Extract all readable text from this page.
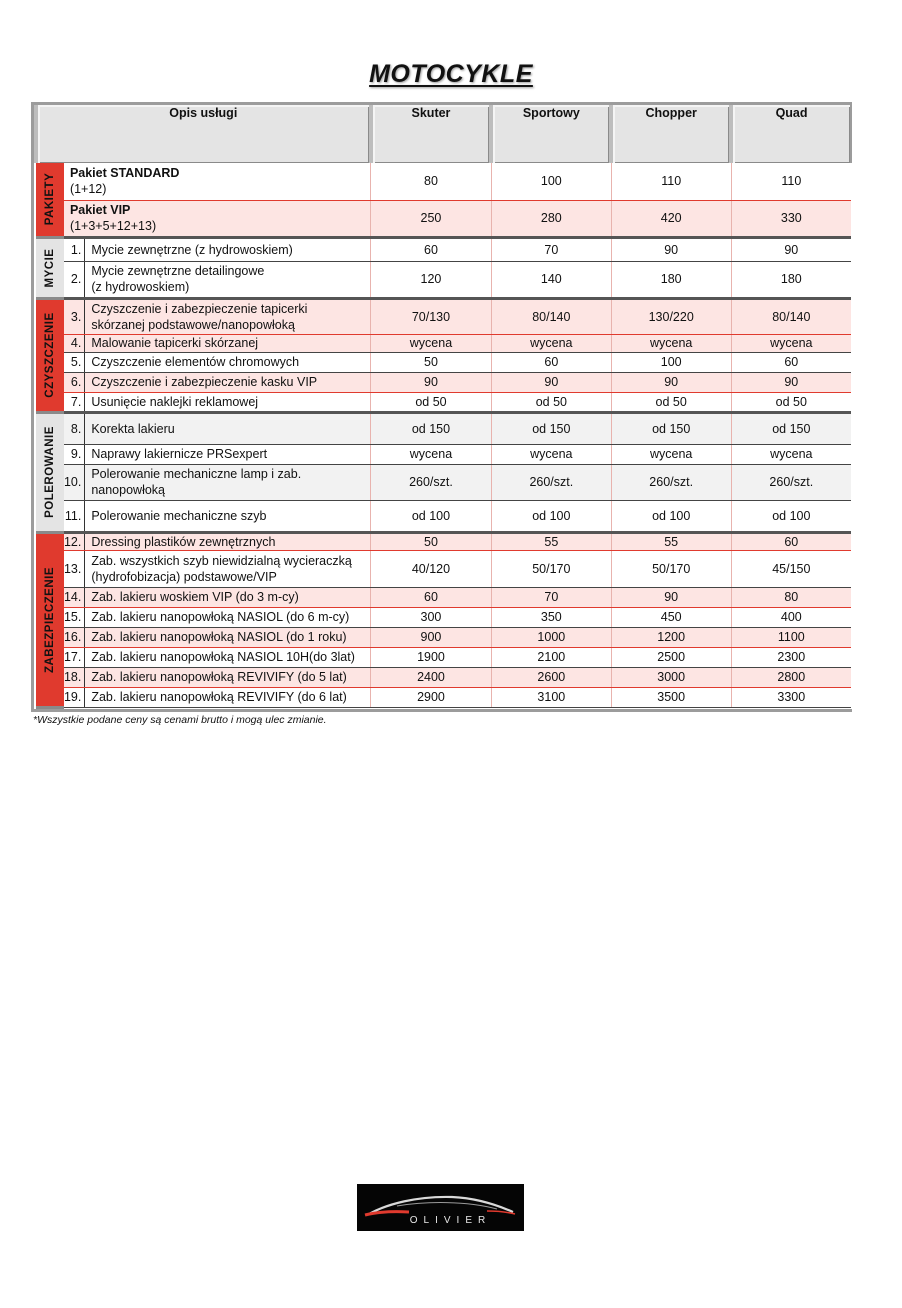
MOTOCYKLE
Opis usługi			Skuter	Sportowy	Chopper	Quad

PAKIETY	Pakiet STANDARD
(1+12)		80	100	110	110

	Pakiet VIP
(1+3+5+12+13)		250	280	420	330

MYCIE	1.	Mycie zewnętrzne (z hydrowoskiem)	60	70	90	90
	2.	Mycie zewnętrzne detailingowe
(z hydrowoskiem)	120	140	180	180

CZYSZCZENIE	3.	Czyszczenie i zabezpieczenie tapicerki
skórzanej podstawowe/nanopowłoką	70/130	80/140	130/220	80/140
	4.	Malowanie tapicerki skórzanej	wycena	wycena	wycena	wycena
	5.	Czyszczenie elementów chromowych	50	60	100	60
	6.	Czyszczenie i zabezpieczenie kasku VIP	90	90	90	90
	7.	Usunięcie naklejki reklamowej	od 50	od 50	od 50	od 50

POLEROWANIE	8.	Korekta lakieru	od 150	od 150	od 150	od 150
	9.	Naprawy lakiernicze PRSexpert	wycena	wycena	wycena	wycena
	10.	Polerowanie mechaniczne lamp i zab.
nanopowłoką	260/szt.	260/szt.	260/szt.	260/szt.
	11.	Polerowanie mechaniczne szyb	od 100	od 100	od 100	od 100

ZABEZPIECZENIE	12.	Dressing plastików zewnętrznych	50	55	55	60
	13.	Zab. wszystkich szyb niewidzialną wycieraczką
(hydrofobizacja) podstawowe/VIP	40/120	50/170	50/170	45/150
	14.	Zab. lakieru woskiem VIP (do 3 m-cy)	60	70	90	80
	15.	Zab. lakieru nanopowłoką NASIOL (do 6 m-cy)	300	350	450	400
	16.	Zab. lakieru nanopowłoką NASIOL (do 1 roku)	900	1000	1200	1100
	17.	Zab. lakieru nanopowłoką NASIOL 10H(do 3lat)	1900	2100	2500	2300
	18.	Zab. lakieru nanopowłoką REVIVIFY (do 5 lat)	2400	2600	3000	2800
	19.	Zab. lakieru nanopowłoką REVIVIFY (do 6 lat)	2900	3100	3500	3300
*Wszystkie podane ceny są cenami brutto i mogą ulec zmianie.
OLIVIER
